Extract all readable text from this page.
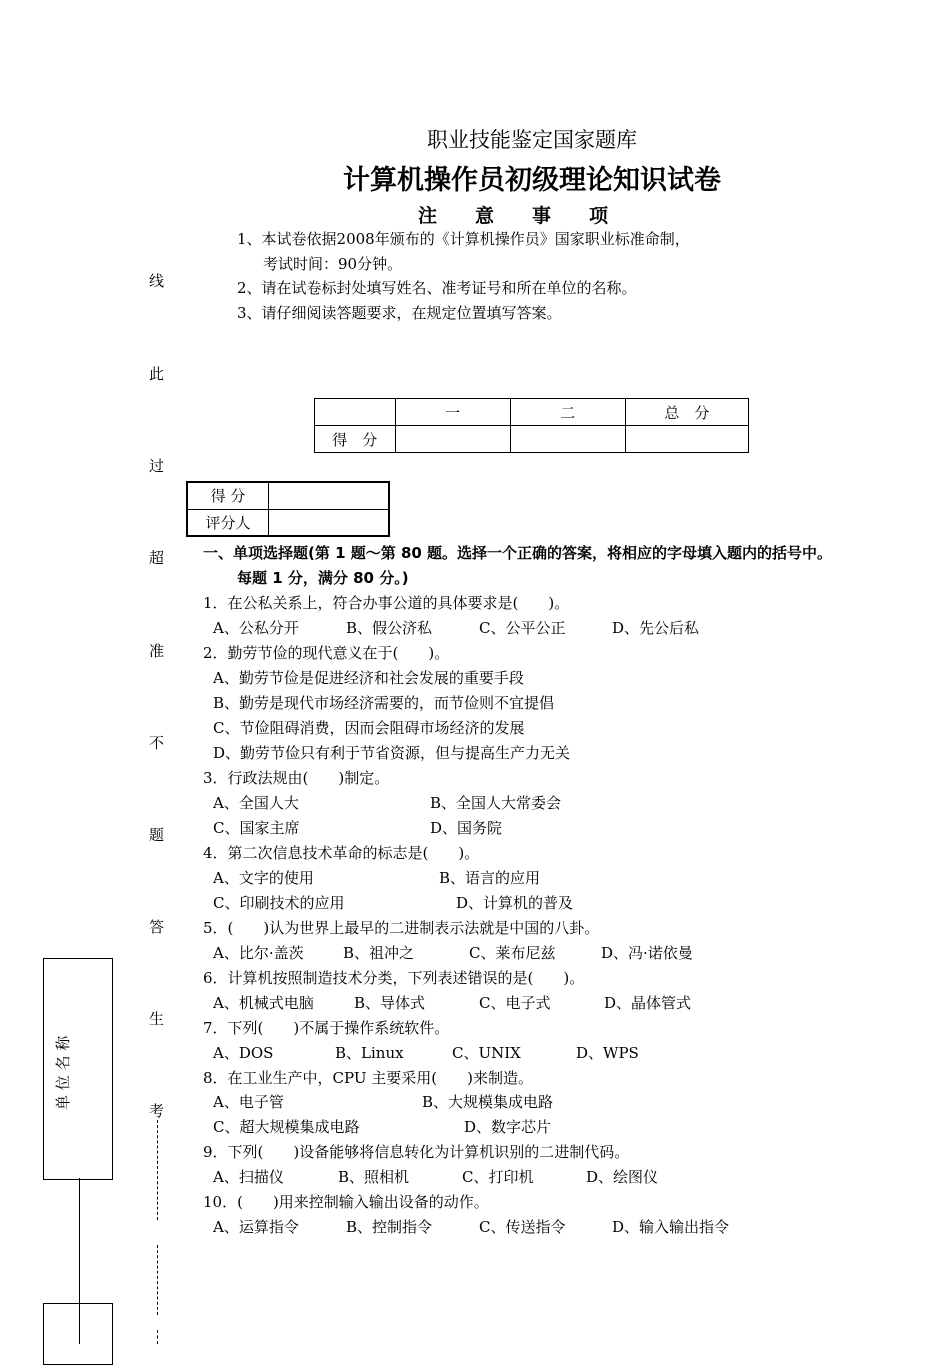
职业技能鉴定国家题库
计算机操作员初级理论知识试卷
注意事项
1、本试卷依据2008年颁布的《计算机操作员》国家职业标准命制，
考试时间：90分钟。
2、请在试卷标封处填写姓名、准考证号和所在单位的名称。
3、请仔细阅读答题要求，在规定位置填写答案。
线
此
过
超
准
不
题
答
生
考
单 位 名 称
	一	二	总　分
得　分			
得 分	
评分人	
一、单项选择题(第 1 题～第 80 题。选择一个正确的答案，将相应的字母填入题内的括号中。
每题 1 分，满分 80 分。)
1．在公私关系上，符合办事公道的具体要求是(　　)。
A、公私分开	B、假公济私	C、公平公正	D、先公后私
2．勤劳节俭的现代意义在于(　　)。
A、勤劳节俭是促进经济和社会发展的重要手段
B、勤劳是现代市场经济需要的，而节俭则不宜提倡
C、节俭阻碍消费，因而会阻碍市场经济的发展
D、勤劳节俭只有利于节省资源，但与提高生产力无关
3．行政法规由(　　)制定。
A、全国人大	B、全国人大常委会
C、国家主席	D、国务院
4．第二次信息技术革命的标志是(　　)。
A、文字的使用	B、语言的应用
C、印刷技术的应用	D、计算机的普及
5．(　　)认为世界上最早的二进制表示法就是中国的八卦。
A、比尔·盖茨	B、祖冲之	C、莱布尼兹	D、冯·诺依曼
6．计算机按照制造技术分类，下列表述错误的是(　　)。
A、机械式电脑	B、导体式	C、电子式	D、晶体管式
7．下列(　　)不属于操作系统软件。
A、DOS	B、Linux	C、UNIX	D、WPS
8．在工业生产中，CPU 主要采用(　　)来制造。
A、电子管	B、大规模集成电路
C、超大规模集成电路	D、数字芯片
9．下列(　　)设备能够将信息转化为计算机识别的二进制代码。
A、扫描仪	B、照相机	C、打印机	D、绘图仪
10．(　　)用来控制输入输出设备的动作。
A、运算指令	B、控制指令	C、传送指令	D、输入输出指令
